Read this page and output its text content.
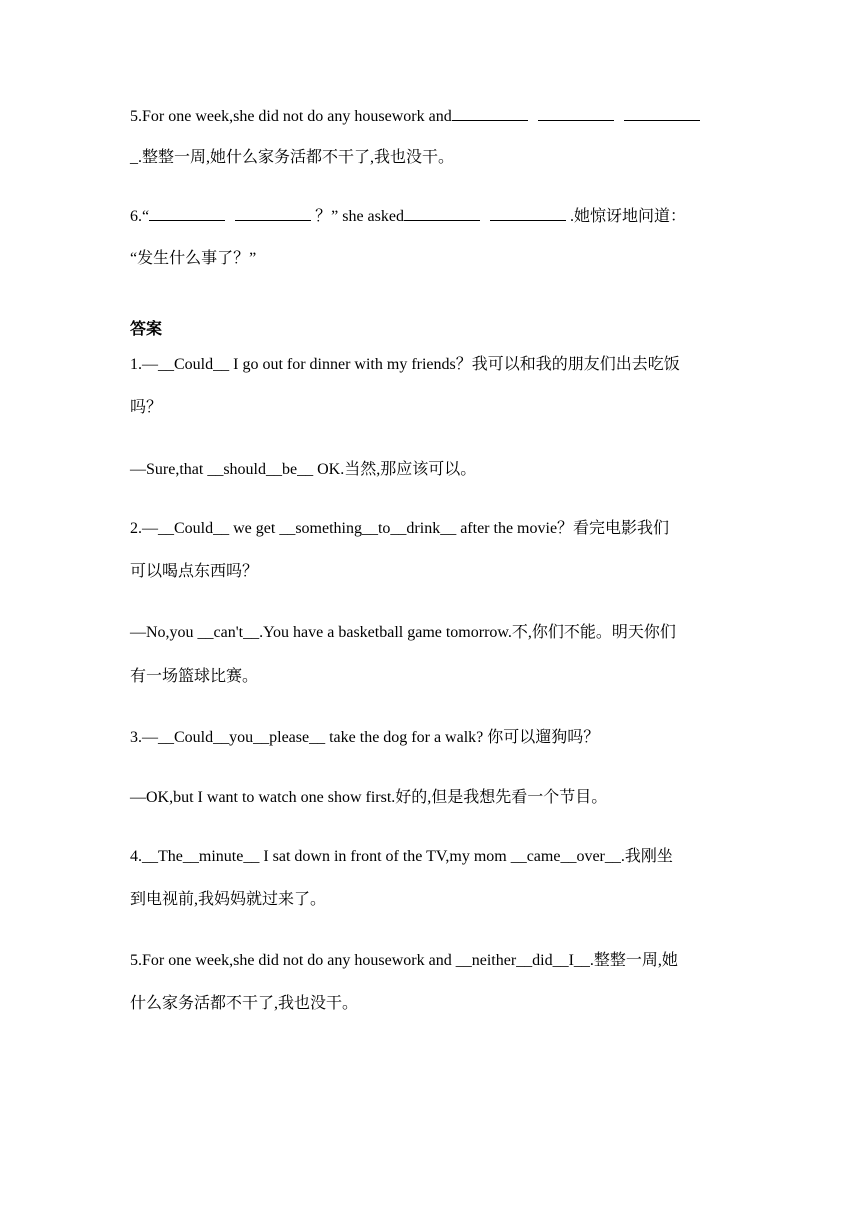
5.For one week,she did not do any housework and
_.整整一周,她什么家务活都不干了,我也没干。
6.“	？” she asked	.她惊讶地问道：
“发生什么事了？”
答案
1.—__Could__ I go out for dinner with my friends？我可以和我的朋友们出去吃饭
吗？
—Sure,that __should__be__ OK.当然,那应该可以。
2.—__Could__ we get __something__to__drink__ after the movie？看完电影我们
可以喝点东西吗？
—No,you __can't__.You have a basketball game tomorrow.不,你们不能。明天你们
有一场篮球比赛。
3.—__Could__you__please__ take the dog for a walk? 你可以遛狗吗？
—OK,but I want to watch one show first.好的,但是我想先看一个节目。
4.__The__minute__ I sat down in front of the TV,my mom __came__over__.我刚坐
到电视前,我妈妈就过来了。
5.For one week,she did not do any housework and __neither__did__I__.整整一周,她
什么家务活都不干了,我也没干。
